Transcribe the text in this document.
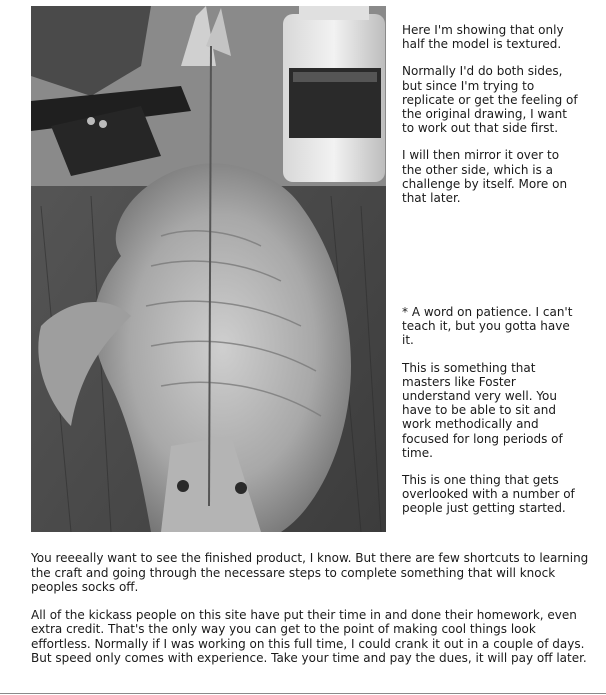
Here I'm showing that only half the model is textured.

Normally I'd do both sides, but since I'm trying to replicate or get the feeling of the original drawing, I want to work out that side first.

I will then mirror it over to the other side, which is a challenge by itself. More on that later.

* A word on patience. I can't teach it, but you gotta have it.

This is something that masters like Foster understand very well. You have to be able to sit and work methodically and focused for long periods of time.

This is one thing that gets overlooked with a number of people just getting started.

You reeeally want to see the finished product, I know. But there are few shortcuts to learning the craft and going through the necessare steps to complete something that will knock peoples socks off.

All of the kickass people on this site have put their time in and done their homework, even extra credit. That's the only way you can get to the point of making cool things look effortless. Normally if I was working on this full time, I could crank it out in a couple of days. But speed only comes with experience. Take your time and pay the dues, it will pay off later.
